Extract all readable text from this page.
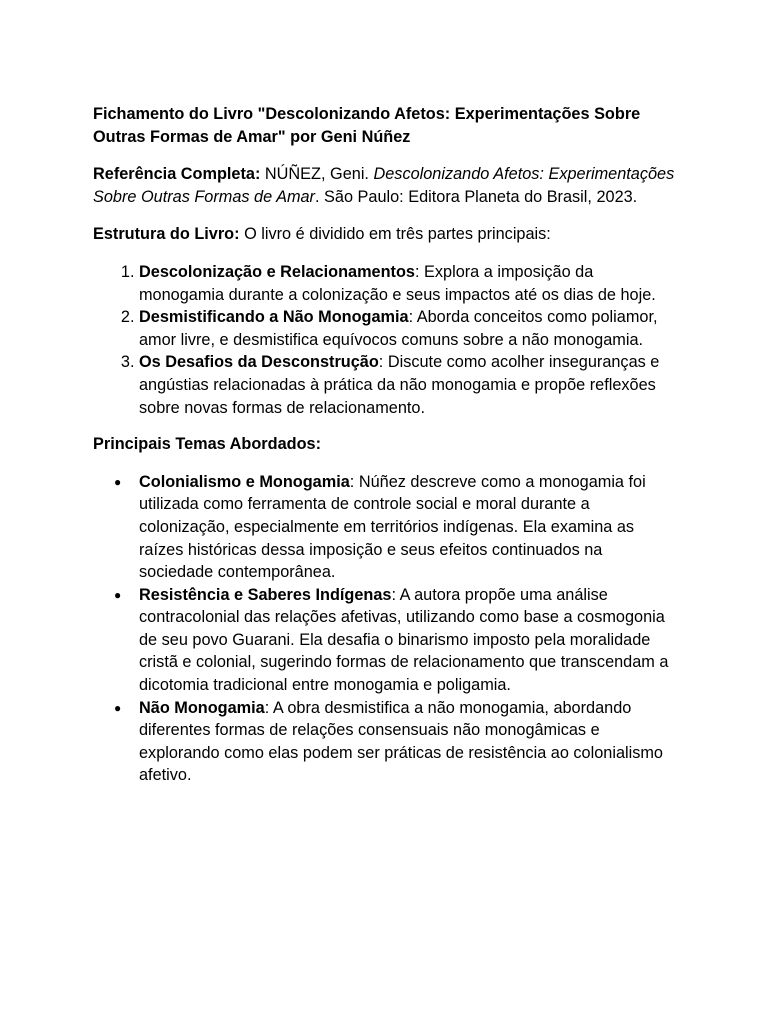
Fichamento do Livro "Descolonizando Afetos: Experimentações Sobre Outras Formas de Amar" por Geni Núñez

Referência Completa: NÚÑEZ, Geni. Descolonizando Afetos: Experimentações Sobre Outras Formas de Amar. São Paulo: Editora Planeta do Brasil, 2023.

Estrutura do Livro: O livro é dividido em três partes principais:

1. Descolonização e Relacionamentos: Explora a imposição da monogamia durante a colonização e seus impactos até os dias de hoje.
2. Desmistificando a Não Monogamia: Aborda conceitos como poliamor, amor livre, e desmistifica equívocos comuns sobre a não monogamia.
3. Os Desafios da Desconstrução: Discute como acolher inseguranças e angústias relacionadas à prática da não monogamia e propõe reflexões sobre novas formas de relacionamento.

Principais Temas Abordados:

● Colonialismo e Monogamia: Núñez descreve como a monogamia foi utilizada como ferramenta de controle social e moral durante a colonização, especialmente em territórios indígenas. Ela examina as raízes históricas dessa imposição e seus efeitos continuados na sociedade contemporânea.
● Resistência e Saberes Indígenas: A autora propõe uma análise contracolonial das relações afetivas, utilizando como base a cosmogonia de seu povo Guarani. Ela desafia o binarismo imposto pela moralidade cristã e colonial, sugerindo formas de relacionamento que transcendam a dicotomia tradicional entre monogamia e poligamia.
● Não Monogamia: A obra desmistifica a não monogamia, abordando diferentes formas de relações consensuais não monogâmicas e explorando como elas podem ser práticas de resistência ao colonialismo afetivo.
